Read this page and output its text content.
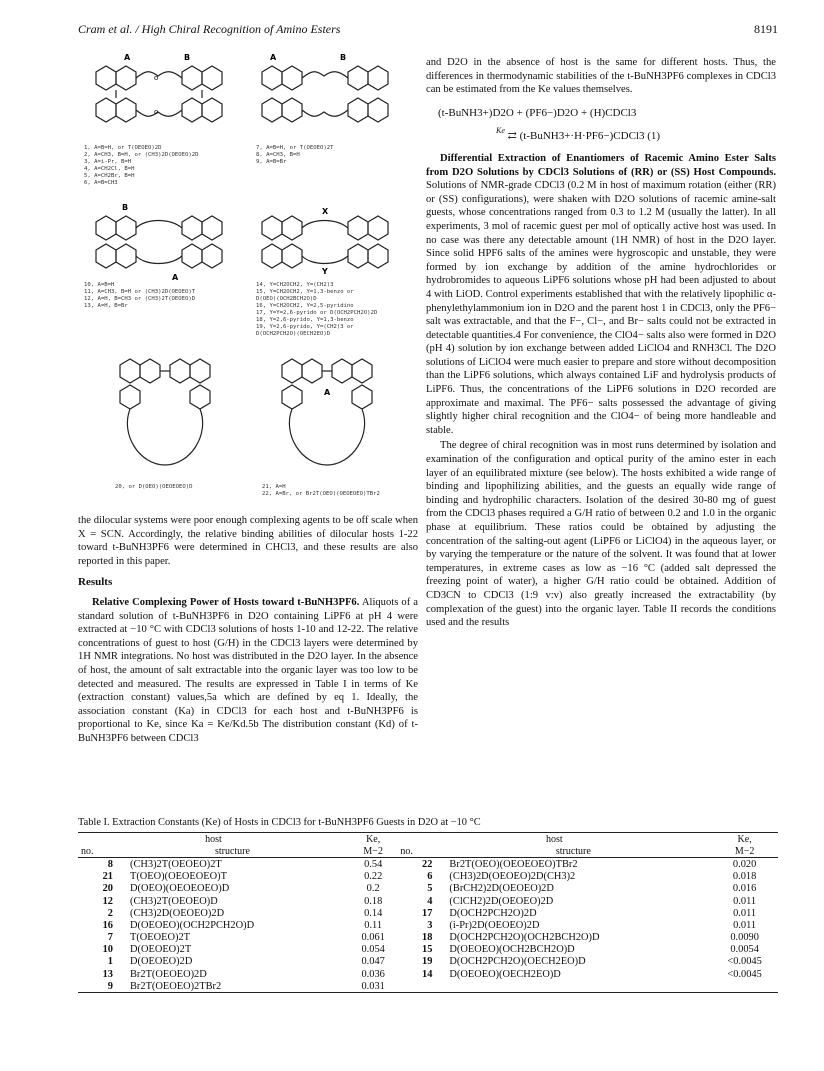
Cram et al. / High Chiral Recognition of Amino Esters	8191
o
o
A	B	A	B
1, A=B=H, or T(OEOEO)2D
2, A=CH3, B=H, or (CH3)2D(OEOEO)2D
3, A=i-Pr, B=H
4, A=CH2Cl, B=H
5, A=CH2Br, B=H
6, A=B=CH3
7, A=B=H, or T(OEOEO)2T
8, A=CH3, B=H
9, A=B=Br
B
A
X
Y
10, A=B=H
11, A=CH3, B=H or (CH3)2D(OEOEO)T
12, A=H, B=CH3 or (CH3)2T(OEOEO)D
13, A=H, B=Br
14, Y=CH2OCH2, Y=(CH2)3
15, Y=CH2OCH2, Y=1,3-benzo or
D(OEO)(OCH2BCH2O)D
16, Y=CH2OCH2, Y=2,5-pyridino
17, Y=Y=2,6-pyrido or D(OCH2PCH2O)2D
18, Y=2,6-pyrido, Y=1,3-benzo
19, Y=2,6-pyrido, Y=(CH2)3 or
D(OCH2PCH2O)(OECH2EO)D
A
20, or D(OEO)(OEOEOEO)D	21, A=H
22, A=Br, or Br2T(OEO)(OEOEOEO)TBr2

the dilocular systems were poor enough complexing agents to be off scale when X = SCN. Accordingly, the relative binding abilities of dilocular hosts 1-22 toward t-BuNH3PF6 were determined in CHCl3, and these results are also reported in this paper.

Results

Relative Complexing Power of Hosts toward t-BuNH3PF6. Aliquots of a standard solution of t-BuNH3PF6 in D2O containing LiPF6 at pH 4 were extracted at −10 °C with CDCl3 solutions of hosts 1-10 and 12-22. The relative concentrations of guest to host (G/H) in the CDCl3 layers were determined by 1H NMR integrations. No host was distributed in the D2O layer. In the absence of host, the amount of salt extractable into the organic layer was too low to be detected and measured. The results are expressed in Table I in terms of Ke (extraction constant) values,5a which are defined by eq 1. Ideally, the association constant (Ka) in CDCl3 for each host and t-BuNH3PF6 is proportional to Ke, since Ka = Ke/Kd.5b The distribution constant (Kd) of t-BuNH3PF6 between CDCl3

and D2O in the absence of host is the same for different hosts. Thus, the differences in thermodynamic stabilities of the t-BuNH3PF6 complexes in CDCl3 can be estimated from the Ke values themselves.

(t-BuNH3+)D2O + (PF6−)D2O + (H)CDCl3
$^{Ke}$ ⇄ (t-BuNH3+·H·PF6−)CDCl3 (1)

Differential Extraction of Enantiomers of Racemic Amino Ester Salts from D2O Solutions by CDCl3 Solutions of (RR) or (SS) Host Compounds. Solutions of NMR-grade CDCl3 (0.2 M in host of maximum rotation (either (RR) or (SS) configurations), were shaken with D2O solutions of racemic amine-salt guests, whose concentrations ranged from 0.3 to 1.2 M (usually the latter). In all experiments, 3 mol of racemic guest per mol of optically active host was used. In no case was there any detectable amount (1H NMR) of host in the D2O layer. Since solid HPF6 salts of the amines were hygroscopic and unstable, they were formed by ion exchange by addition of the amine hydrochlorides or hydrobromides to aqueous LiPF6 solutions whose pH had been adjusted to about 4 with LiOD. Control experiments established that with the relatively lipophilic α-phenylethylammonium ion in D2O and the parent host 1 in CDCl3, only the PF6− salt was extractable, and that the F−, Cl−, and Br− salts could not be extracted in detectable quantities.4 For convenience, the ClO4− salts also were formed in D2O (pH 4) solution by ion exchange between added LiClO4 and RNH3Cl. The D2O solutions of LiClO4 were much easier to prepare and store without decomposition than the LiPF6 solutions, which always contained LiF and hydrolysis products of LiPF6. Thus, the concentrations of the LiPF6 solutions in D2O recorded are approximate and maximal. The PF6− salts possessed the advantage of giving slightly higher chiral recognition and the ClO4− of being more handleable and stable.

The degree of chiral recognition was in most runs determined by isolation and examination of the configuration and optical purity of the amino ester in each layer of an equilibrated mixture (see below). The hosts exhibited a wide range of binding and lipophilizing abilities, and the guests an equally wide range of binding and hydrophilic characters. Isolation of the desired 30-80 mg of guest from the CDCl3 phases required a G/H ratio of between 0.2 and 1.0 in the organic phase at equilibrium. These ratios could be obtained by adjusting the concentration of the salting-out agent (LiPF6 or LiClO4) in the aqueous layer, or by varying the temperature or the nature of the solvent. It was found that at lower temperatures, in extreme cases as low as −16 °C (added salt depressed the freezing point of water), a higher G/H ratio could be obtained. Addition of CD3CN to CDCl3 (1:9 v:v) also greatly increased the extractability (by complexation of the guest) into the organic layer. Table II records the conditions used and the results

Table I. Extraction Constants (Ke) of Hosts in CDCl3 for t-BuNH3PF6 Guests in D2O at −10 °C
host		Ke,	host		Ke,
no.	structure	M−2	no.	structure	M−2
8	(CH3)2T(OEOEO)2T	0.54	22	Br2T(OEO)(OEOEOEO)TBr2	0.020
21	T(OEO)(OEOEOEO)T	0.22	6	(CH3)2D(OEOEO)2D(CH3)2	0.018
20	D(OEO)(OEOEOEO)D	0.2	5	(BrCH2)2D(OEOEO)2D	0.016
12	(CH3)2T(OEOEO)D	0.18	4	(ClCH2)2D(OEOEO)2D	0.011
2	(CH3)2D(OEOEO)2D	0.14	17	D(OCH2PCH2O)2D	0.011
16	D(OEOEO)(OCH2PCH2O)D	0.11	3	(i-Pr)2D(OEOEO)2D	0.011
7	T(OEOEO)2T	0.061	18	D(OCH2PCH2O)(OCH2BCH2O)D	0.0090
10	D(OEOEO)2T	0.054	15	D(OEOEO)(OCH2BCH2O)D	0.0054
1	D(OEOEO)2D	0.047	19	D(OCH2PCH2O)(OECH2EO)D	<0.0045
13	Br2T(OEOEO)2D	0.036	14	D(OEOEO)(OECH2EO)D	<0.0045
9	Br2T(OEOEO)2TBr2	0.031			
